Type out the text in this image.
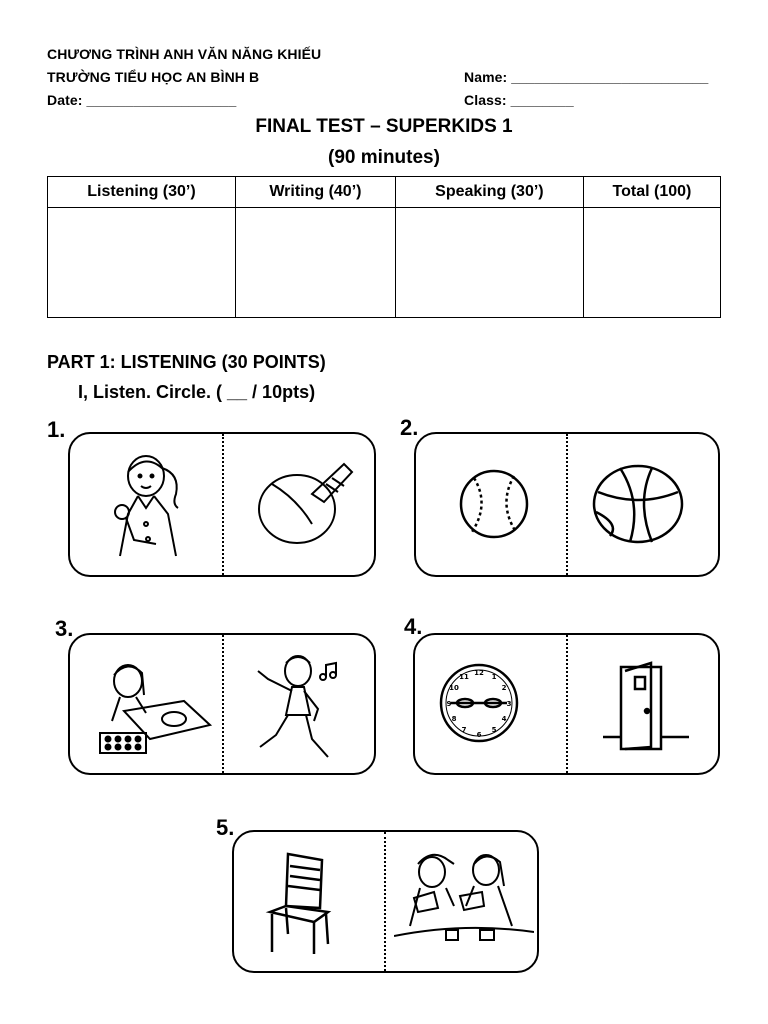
CHƯƠNG TRÌNH ANH VĂN NĂNG KHIẾU
TRƯỜNG TIỂU HỌC AN BÌNH B
Date: ___________________
Name: _________________________
Class: ________
FINAL TEST – SUPERKIDS 1
(90 minutes)
Listening (30’)	Writing (40’)	Speaking (30’)	Total (100)

PART 1: LISTENING (30 POINTS)
I, Listen. Circle. ( __ / 10pts)
1.	2.
3.	4.
12 1
2
3
4
5
6
7
8
9
10
11
5.
